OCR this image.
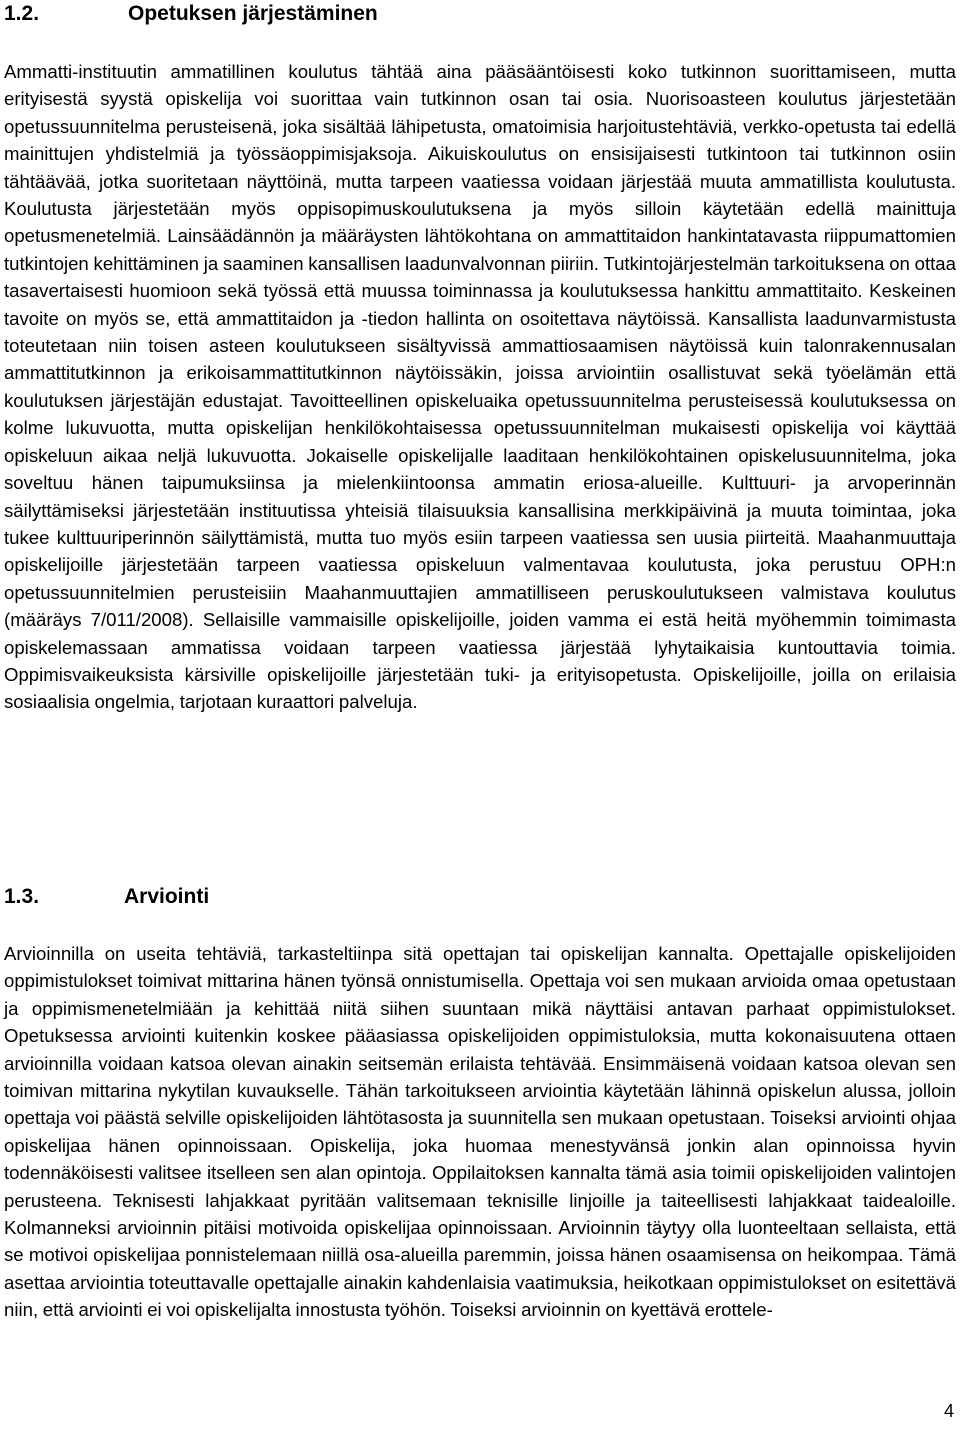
1.2.	Opetuksen järjestäminen
Ammatti-instituutin ammatillinen koulutus tähtää aina pääsääntöisesti koko tutkinnon suorittamiseen, mutta erityisestä syystä opiskelija voi suorittaa vain tutkinnon osan tai osia. Nuorisoasteen koulutus järjestetään opetussuunnitelma perusteisenä, joka sisältää lähipetusta, omatoimisia harjoitustehtäviä, verkko-opetusta tai edellä mainittujen yhdistelmiä ja työssäoppimisjaksoja. Aikuiskoulutus on ensisijaisesti tutkintoon tai tutkinnon osiin tähtäävää, jotka suoritetaan näyttöinä, mutta tarpeen vaatiessa voidaan järjestää muuta ammatillista koulutusta. Koulutusta järjestetään myös oppisopimuskoulutuksena ja myös silloin käytetään edellä mainittuja opetusmenetelmiä. Lainsäädännön ja määräysten lähtökohtana on ammattitaidon hankintatavasta riippumattomien tutkintojen kehittäminen ja saaminen kansallisen laadunvalvonnan piiriin. Tutkintojärjestelmän tarkoituksena on ottaa tasavertaisesti huomioon sekä työssä että muussa toiminnassa ja koulutuksessa hankittu ammattitaito. Keskeinen tavoite on myös se, että ammattitaidon ja -tiedon hallinta on osoitettava näytöissä. Kansallista laadunvarmistusta toteutetaan niin toisen asteen koulutukseen sisältyvissä ammattiosaamisen näytöissä kuin talonrakennusalan ammattitutkinnon ja erikoisammattitutkinnon näytöissäkin, joissa arviointiin osallistuvat sekä työelämän että koulutuksen järjestäjän edustajat. Tavoitteellinen opiskeluaika opetussuunnitelma perusteisessä koulutuksessa on kolme lukuvuotta, mutta opiskelijan henkilökohtaisessa opetussuunnitelman mukaisesti opiskelija voi käyttää opiskeluun aikaa neljä lukuvuotta. Jokaiselle opiskelijalle laaditaan henkilökohtainen opiskelusuunnitelma, joka soveltuu hänen taipumuksiinsa ja mielenkiintoonsa ammatin eriosa-alueille. Kulttuuri- ja arvoperinnän säilyttämiseksi järjestetään instituutissa yhteisiä tilaisuuksia kansallisina merkkipäivinä ja muuta toimintaa, joka tukee kulttuuriperinnön säilyttämistä, mutta tuo myös esiin tarpeen vaatiessa sen uusia piirteitä. Maahanmuuttaja opiskelijoille järjestetään tarpeen vaatiessa opiskeluun valmentavaa koulutusta, joka perustuu OPH:n opetussuunnitelmien perusteisiin Maahanmuuttajien ammatilliseen peruskoulutukseen valmistava koulutus (määräys 7/011/2008). Sellaisille vammaisille opiskelijoille, joiden vamma ei estä heitä myöhemmin toimimasta opiskelemassaan ammatissa voidaan tarpeen vaatiessa järjestää lyhytaikaisia kuntouttavia toimia. Oppimisvaikeuksista kärsiville opiskelijoille järjestetään tuki- ja erityisopetusta. Opiskelijoille, joilla on erilaisia sosiaalisia ongelmia, tarjotaan kuraattori palveluja.
1.3.	Arviointi
Arvioinnilla on useita tehtäviä, tarkasteltiinpa sitä opettajan tai opiskelijan kannalta. Opettajalle opiskelijoiden oppimistulokset toimivat mittarina hänen työnsä onnistumisella. Opettaja voi sen mukaan arvioida omaa opetustaan ja oppimismenetelmiään ja kehittää niitä siihen suuntaan mikä näyttäisi antavan parhaat oppimistulokset. Opetuksessa arviointi kuitenkin koskee pääasiassa opiskelijoiden oppimistuloksia, mutta kokonaisuutena ottaen arvioinnilla voidaan katsoa olevan ainakin seitsemän erilaista tehtävää. Ensimmäisenä voidaan katsoa olevan sen toimivan mittarina nykytilan kuvaukselle. Tähän tarkoitukseen arviointia käytetään lähinnä opiskelun alussa, jolloin opettaja voi päästä selville opiskelijoiden lähtötasosta ja suunnitella sen mukaan opetustaan. Toiseksi arviointi ohjaa opiskelijaa hänen opinnoissaan. Opiskelija, joka huomaa menestyvänsä jonkin alan opinnoissa hyvin todennäköisesti valitsee itselleen sen alan opintoja. Oppilaitoksen kannalta tämä asia toimii opiskelijoiden valintojen perusteena. Teknisesti lahjakkaat pyritään valitsemaan teknisille linjoille ja taiteellisesti lahjakkaat taidealoille. Kolmanneksi arvioinnin pitäisi motivoida opiskelijaa opinnoissaan. Arvioinnin täytyy olla luonteeltaan sellaista, että se motivoi opiskelijaa ponnistelemaan niillä osa-alueilla paremmin, joissa hänen osaamisensa on heikompaa. Tämä asettaa arviointia toteuttavalle opettajalle ainakin kahdenlaisia vaatimuksia, heikotkaan oppimistulokset on esitettävä niin, että arviointi ei voi opiskelijalta innostusta työhön. Toiseksi arvioinnin on kyettävä erottele-
4
